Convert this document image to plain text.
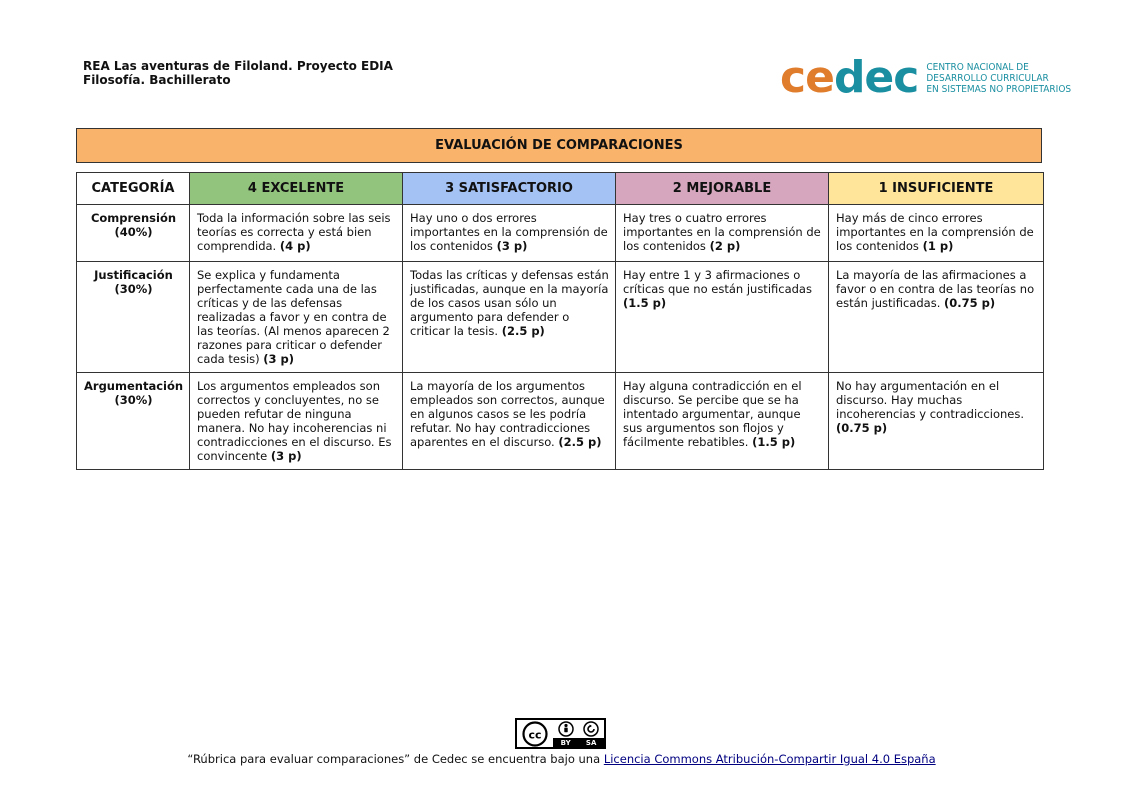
REA Las aventuras de Filoland. Proyecto EDIA
Filosofía. Bachillerato	cedec CENTRO NACIONAL DE
DESARROLLO CURRICULAR
EN SISTEMAS NO PROPIETARIOS
EVALUACIÓN DE COMPARACIONES
CATEGORÍA	4 EXCELENTE	3 SATISFACTORIO	2 MEJORABLE	1 INSUFICIENTE

Comprensión
(40%)	Toda la información sobre las seis teorías es correcta y está bien comprendida. (4 p)	Hay uno o dos errores importantes en la comprensión de los contenidos (3 p)	Hay tres o cuatro errores importantes en la comprensión de los contenidos (2 p)	Hay más de cinco errores importantes en la comprensión de los contenidos (1 p)

Justificación
(30%)	Se explica y fundamenta perfectamente cada una de las críticas y de las defensas realizadas a favor y en contra de las teorías. (Al menos aparecen 2 razones para criticar o defender cada tesis) (3 p)	Todas las críticas y defensas están justificadas, aunque en la mayoría de los casos usan sólo un argumento para defender o criticar la tesis. (2.5 p)	Hay entre 1 y 3 afirmaciones o críticas que no están justificadas (1.5 p)	La mayoría de las afirmaciones a favor o en contra de las teorías no están justificadas. (0.75 p)

Argumentación
(30%)	Los argumentos empleados son correctos y concluyentes, no se pueden refutar de ninguna manera. No hay incoherencias ni contradicciones en el discurso. Es convincente (3 p)	La mayoría de los argumentos empleados son correctos, aunque en algunos casos se les podría refutar. No hay contradicciones aparentes en el discurso. (2.5 p)	Hay alguna contradicción en el discurso. Se percibe que se ha intentado argumentar, aunque sus argumentos son flojos y fácilmente rebatibles. (1.5 p)	No hay argumentación en el discurso. Hay muchas incoherencias y contradicciones. (0.75 p)
cc
BY SA
“Rúbrica para evaluar comparaciones” de Cedec se encuentra bajo una Licencia Commons Atribución-Compartir Igual 4.0 España
